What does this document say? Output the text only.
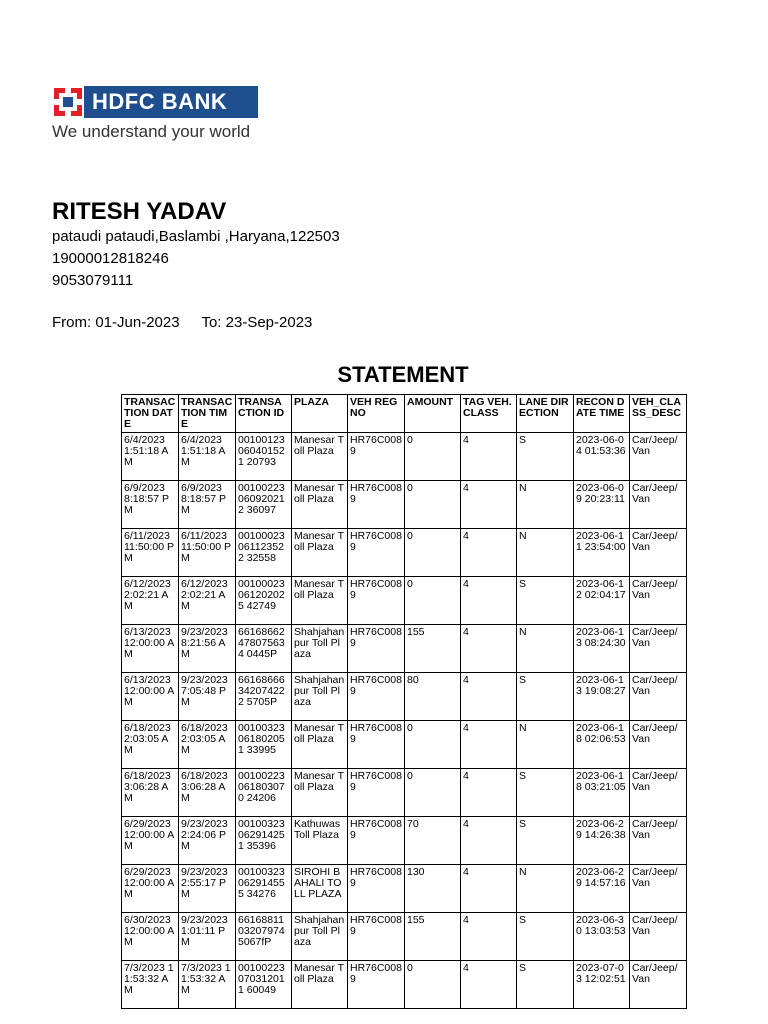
HDFC BANK
We understand your world
RITESH YADAV
pataudi pataudi,Baslambi ,Haryana,122503
19000012818246
9053079111
From: 01-Jun-2023 To: 23-Sep-2023
STATEMENT
TRANSACTION DATE	TRANSACTION TIME	TRANSACTION ID	PLAZA	VEH REG NO	AMOUNT	TAG VEH.CLASS	LANE DIRECTION	RECON DATE TIME	VEH_CLASS_DESC
6/4/2023 1:51:18 AM	6/4/2023 1:51:18 AM	00100123060401521 20793	Manesar Toll Plaza	HR76C0089	0	4	S	2023-06-04 01:53:36	Car/Jeep/Van
6/9/2023 8:18:57 PM	6/9/2023 8:18:57 PM	00100223060920212 36097	Manesar Toll Plaza	HR76C0089	0	4	N	2023-06-09 20:23:11	Car/Jeep/Van
6/11/2023 11:50:00 PM	6/11/2023 11:50:00 PM	00100023061123522 32558	Manesar Toll Plaza	HR76C0089	0	4	N	2023-06-11 23:54:00	Car/Jeep/Van
6/12/2023 2:02:21 AM	6/12/2023 2:02:21 AM	00100023061202025 42749	Manesar Toll Plaza	HR76C0089	0	4	S	2023-06-12 02:04:17	Car/Jeep/Van
6/13/2023 12:00:00 AM	9/23/2023 8:21:56 AM	66168662478075634 0445P	Shahjahanpur Toll Plaza	HR76C0089	155	4	N	2023-06-13 08:24:30	Car/Jeep/Van
6/13/2023 12:00:00 AM	9/23/2023 7:05:48 PM	66168666342074222 5705P	Shahjahanpur Toll Plaza	HR76C0089	80	4	S	2023-06-13 19:08:27	Car/Jeep/Van
6/18/2023 2:03:05 AM	6/18/2023 2:03:05 AM	00100323061802051 33995	Manesar Toll Plaza	HR76C0089	0	4	N	2023-06-18 02:06:53	Car/Jeep/Van
6/18/2023 3:06:28 AM	6/18/2023 3:06:28 AM	00100223061803070 24206	Manesar Toll Plaza	HR76C0089	0	4	S	2023-06-18 03:21:05	Car/Jeep/Van
6/29/2023 12:00:00 AM	9/23/2023 2:24:06 PM	00100323062914251 35396	Kathuwas Toll Plaza	HR76C0089	70	4	S	2023-06-29 14:26:38	Car/Jeep/Van
6/29/2023 12:00:00 AM	9/23/2023 2:55:17 PM	00100323062914555 34276	SIROHI BAHALI TOLL PLAZA	HR76C0089	130	4	N	2023-06-29 14:57:16	Car/Jeep/Van
6/30/2023 12:00:00 AM	9/23/2023 1:01:11 PM	6616881103207974 5067fP	Shahjahanpur Toll Plaza	HR76C0089	155	4	S	2023-06-30 13:03:53	Car/Jeep/Van
7/3/2023 11:53:32 AM	7/3/2023 11:53:32 AM	00100223070312011 60049	Manesar Toll Plaza	HR76C0089	0	4	S	2023-07-03 12:02:51	Car/Jeep/Van
